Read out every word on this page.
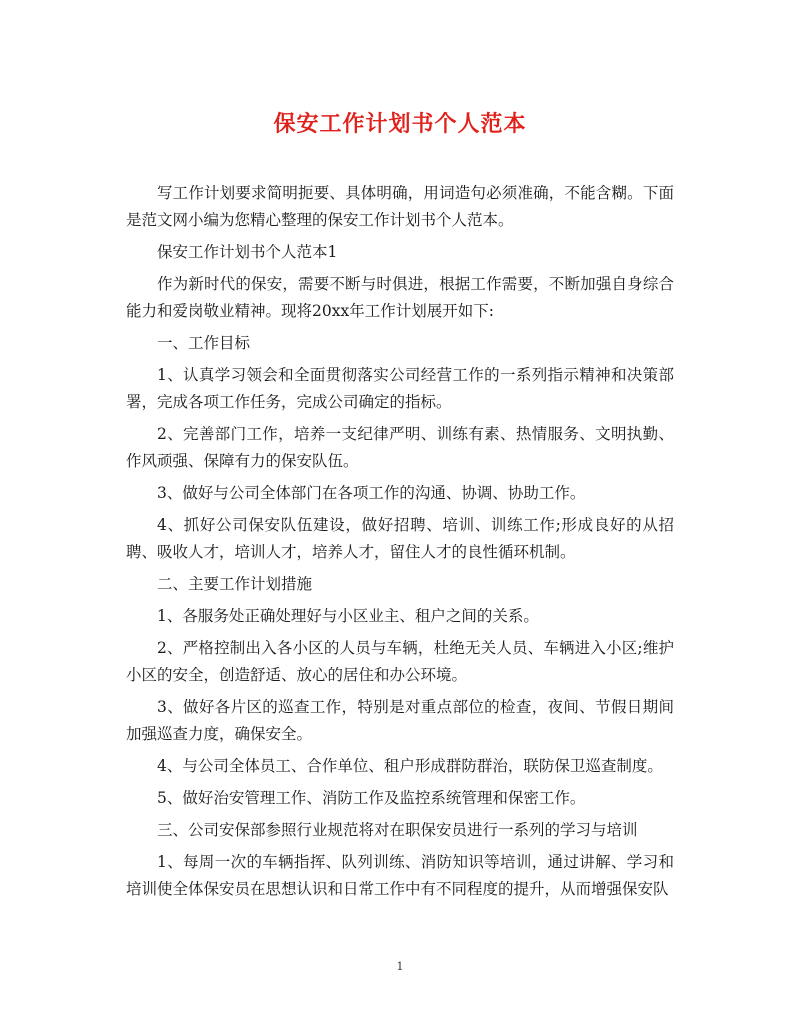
保安工作计划书个人范本

写工作计划要求简明扼要、具体明确，用词造句必须准确，不能含糊。下面是范文网小编为您精心整理的保安工作计划书个人范本。

保安工作计划书个人范本1

作为新时代的保安，需要不断与时俱进，根据工作需要，不断加强自身综合能力和爱岗敬业精神。现将20xx年工作计划展开如下:

一、工作目标

1、认真学习领会和全面贯彻落实公司经营工作的一系列指示精神和决策部署，完成各项工作任务，完成公司确定的指标。

2、完善部门工作，培养一支纪律严明、训练有素、热情服务、文明执勤、作风顽强、保障有力的保安队伍。

3、做好与公司全体部门在各项工作的沟通、协调、协助工作。

4、抓好公司保安队伍建设，做好招聘、培训、训练工作;形成良好的从招聘、吸收人才，培训人才，培养人才，留住人才的良性循环机制。

二、主要工作计划措施

1、各服务处正确处理好与小区业主、租户之间的关系。

2、严格控制出入各小区的人员与车辆，杜绝无关人员、车辆进入小区;维护小区的安全，创造舒适、放心的居住和办公环境。

3、做好各片区的巡查工作，特别是对重点部位的检查，夜间、节假日期间加强巡查力度，确保安全。

4、与公司全体员工、合作单位、租户形成群防群治，联防保卫巡查制度。

5、做好治安管理工作、消防工作及监控系统管理和保密工作。

三、公司安保部参照行业规范将对在职保安员进行一系列的学习与培训

1、每周一次的车辆指挥、队列训练、消防知识等培训，通过讲解、学习和培训使全体保安员在思想认识和日常工作中有不同程度的提升，从而增强保安队

1
